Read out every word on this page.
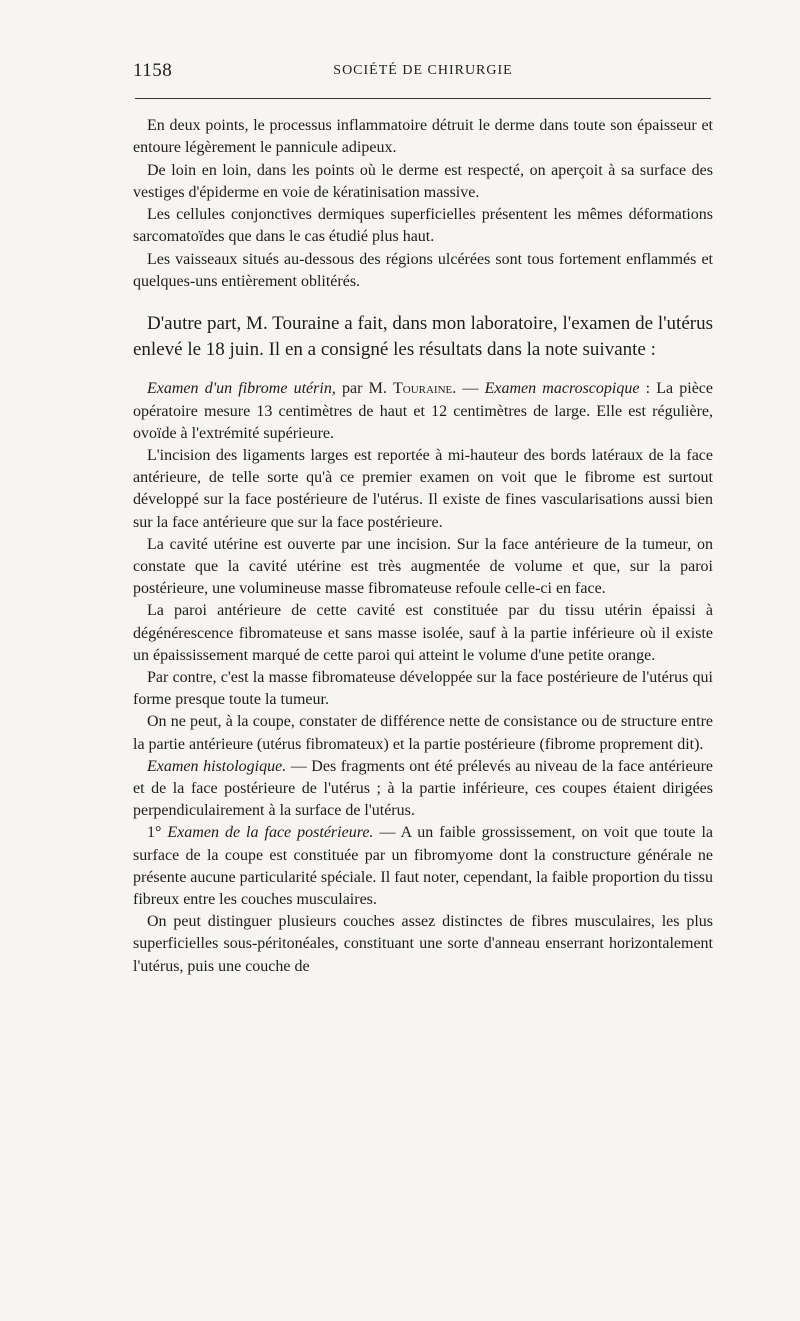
1158	SOCIÉTÉ DE CHIRURGIE

En deux points, le processus inflammatoire détruit le derme dans toute son épaisseur et entoure légèrement le pannicule adipeux.

De loin en loin, dans les points où le derme est respecté, on aperçoit à sa surface des vestiges d'épiderme en voie de kératinisation massive.

Les cellules conjonctives dermiques superficielles présentent les mêmes déformations sarcomatoïdes que dans le cas étudié plus haut.

Les vaisseaux situés au-dessous des régions ulcérées sont tous fortement enflammés et quelques-uns entièrement oblitérés.

D'autre part, M. Touraine a fait, dans mon laboratoire, l'examen de l'utérus enlevé le 18 juin. Il en a consigné les résultats dans la note suivante :

Examen d'un fibrome utérin, par M. Touraine. — Examen macroscopique : La pièce opératoire mesure 13 centimètres de haut et 12 centimètres de large. Elle est régulière, ovoïde à l'extrémité supérieure.

L'incision des ligaments larges est reportée à mi-hauteur des bords latéraux de la face antérieure, de telle sorte qu'à ce premier examen on voit que le fibrome est surtout développé sur la face postérieure de l'utérus. Il existe de fines vascularisations aussi bien sur la face antérieure que sur la face postérieure.

La cavité utérine est ouverte par une incision. Sur la face antérieure de la tumeur, on constate que la cavité utérine est très augmentée de volume et que, sur la paroi postérieure, une volumineuse masse fibromateuse refoule celle-ci en face.

La paroi antérieure de cette cavité est constituée par du tissu utérin épaissi à dégénérescence fibromateuse et sans masse isolée, sauf à la partie inférieure où il existe un épaississement marqué de cette paroi qui atteint le volume d'une petite orange.

Par contre, c'est la masse fibromateuse développée sur la face postérieure de l'utérus qui forme presque toute la tumeur.

On ne peut, à la coupe, constater de différence nette de consistance ou de structure entre la partie antérieure (utérus fibromateux) et la partie postérieure (fibrome proprement dit).

Examen histologique. — Des fragments ont été prélevés au niveau de la face antérieure et de la face postérieure de l'utérus ; à la partie inférieure, ces coupes étaient dirigées perpendiculairement à la surface de l'utérus.

1° Examen de la face postérieure. — A un faible grossissement, on voit que toute la surface de la coupe est constituée par un fibromyome dont la constructure générale ne présente aucune particularité spéciale. Il faut noter, cependant, la faible proportion du tissu fibreux entre les couches musculaires.

On peut distinguer plusieurs couches assez distinctes de fibres musculaires, les plus superficielles sous-péritonéales, constituant une sorte d'anneau enserrant horizontalement l'utérus, puis une couche de
